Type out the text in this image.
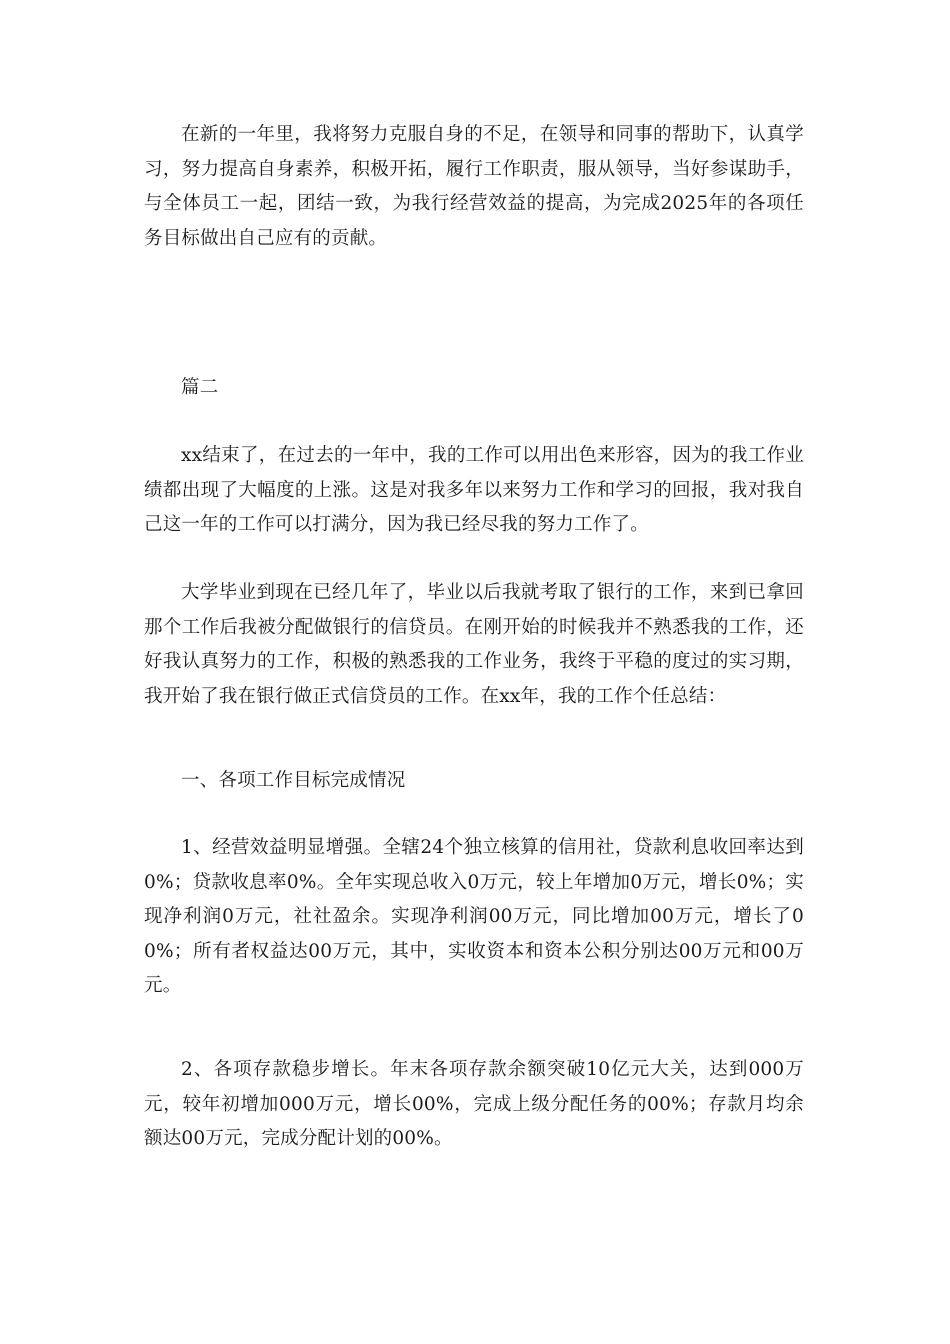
在新的一年里，我将努力克服自身的不足，在领导和同事的帮助下，认真学习，努力提高自身素养，积极开拓，履行工作职责，服从领导，当好参谋助手，与全体员工一起，团结一致，为我行经营效益的提高，为完成2025年的各项任务目标做出自己应有的贡献。

篇二

xx结束了，在过去的一年中，我的工作可以用出色来形容，因为的我工作业绩都出现了大幅度的上涨。这是对我多年以来努力工作和学习的回报，我对我自己这一年的工作可以打满分，因为我已经尽我的努力工作了。

大学毕业到现在已经几年了，毕业以后我就考取了银行的工作，来到已拿回那个工作后我被分配做银行的信贷员。在刚开始的时候我并不熟悉我的工作，还好我认真努力的工作，积极的熟悉我的工作业务，我终于平稳的度过的实习期，我开始了我在银行做正式信贷员的工作。在xx年，我的工作个任总结：

一、各项工作目标完成情况

1、经营效益明显增强。全辖24个独立核算的信用社，贷款利息收回率达到0%；贷款收息率0%。全年实现总收入0万元，较上年增加0万元，增长0%；实现净利润0万元，社社盈余。实现净利润00万元，同比增加00万元，增长了00%；所有者权益达00万元，其中，实收资本和资本公积分别达00万元和00万元。

2、各项存款稳步增长。年末各项存款余额突破10亿元大关，达到000万元，较年初增加000万元，增长00%，完成上级分配任务的00%；存款月均余额达00万元，完成分配计划的00%。
